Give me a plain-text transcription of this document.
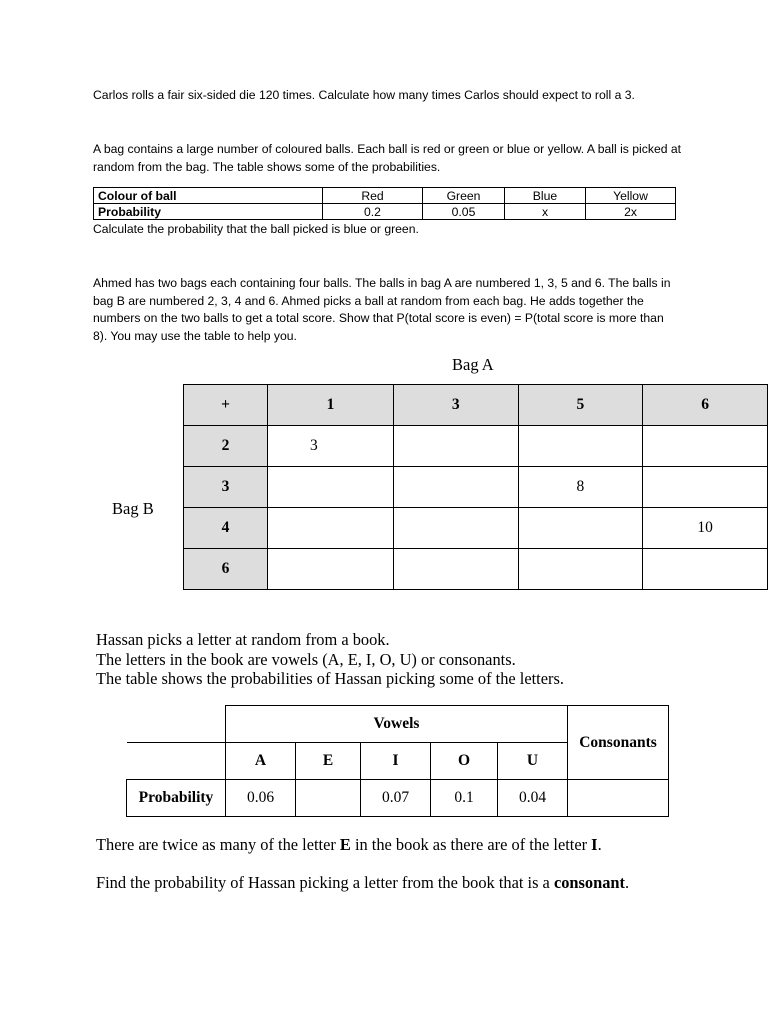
Carlos rolls a fair six-sided die 120 times. Calculate how many times Carlos should expect to roll a 3.
A bag contains a large number of coloured balls. Each ball is red or green or blue or yellow. A ball is picked at random from the bag. The table shows some of the probabilities.
Colour of ball	Red	Green	Blue	Yellow
Probability	0.2	0.05	x	2x
Calculate the probability that the ball picked is blue or green.
Ahmed has two bags each containing four balls. The balls in bag A are numbered 1, 3, 5 and 6. The balls in bag B are numbered 2, 3, 4 and 6. Ahmed picks a ball at random from each bag. He adds together the numbers on the two balls to get a total score. Show that P(total score is even) = P(total score is more than 8). You may use the table to help you.
Bag A
Bag B
+	1	3	5	6
2	3			
3			8	
4				10
6				
Hassan picks a letter at random from a book.
The letters in the book are vowels (A, E, I, O, U) or consonants.
The table shows the probabilities of Hassan picking some of the letters.
	Vowels					Consonants
	A	E	I	O	U	
Probability	0.06		0.07	0.1	0.04	
There are twice as many of the letter E in the book as there are of the letter I.
Find the probability of Hassan picking a letter from the book that is a consonant.
